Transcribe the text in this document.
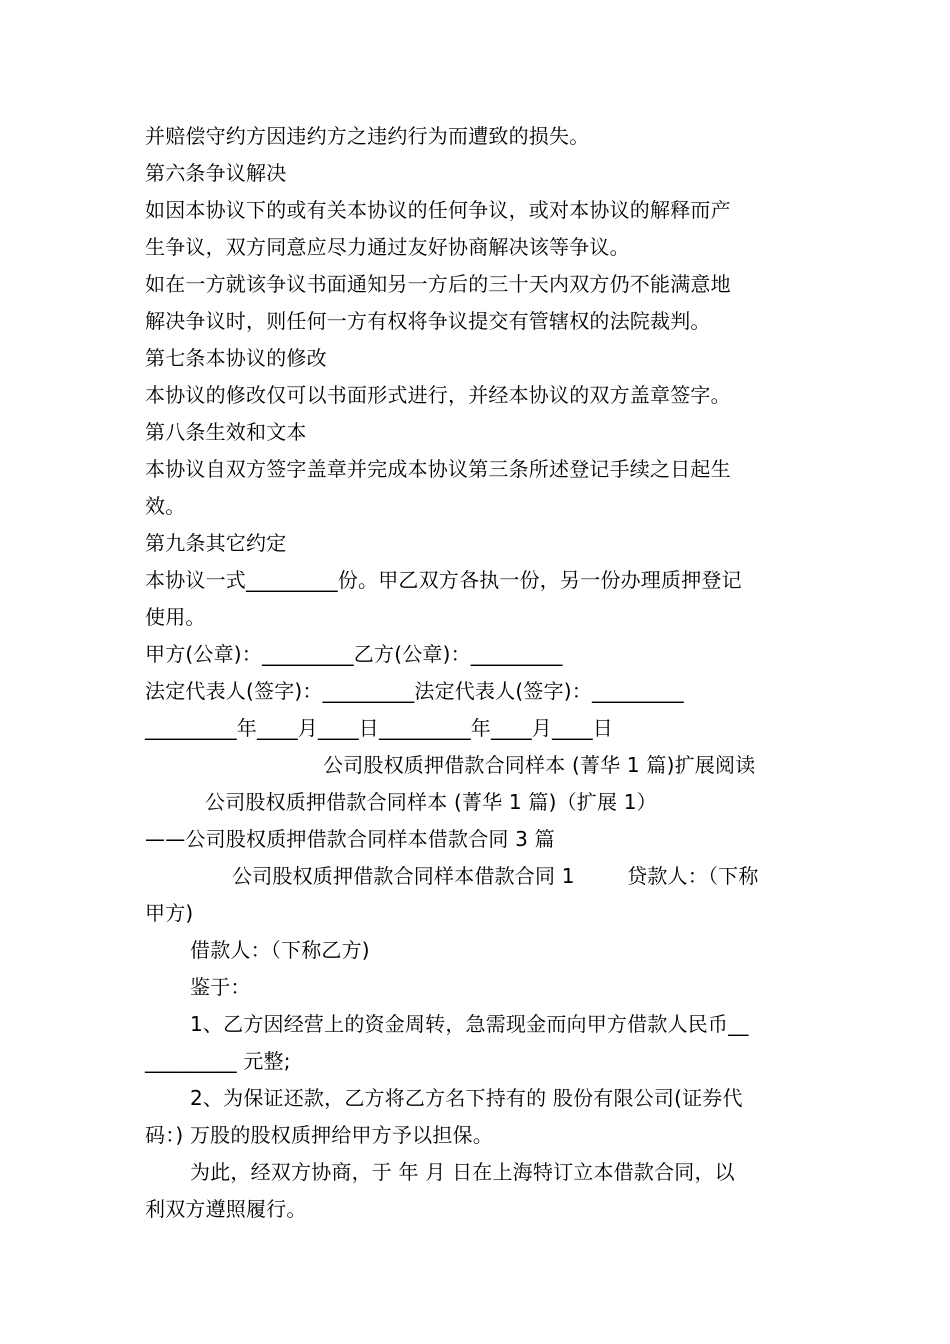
并赔偿守约方因违约方之违约行为而遭致的损失。
第六条争议解决
如因本协议下的或有关本协议的任何争议，或对本协议的解释而产
生争议，双方同意应尽力通过友好协商解决该等争议。
如在一方就该争议书面通知另一方后的三十天内双方仍不能满意地
解决争议时，则任何一方有权将争议提交有管辖权的法院裁判。
第七条本协议的修改
本协议的修改仅可以书面形式进行，并经本协议的双方盖章签字。
第八条生效和文本
本协议自双方签字盖章并完成本协议第三条所述登记手续之日起生
效。
第九条其它约定
本协议一式_________份。甲乙双方各执一份，另一份办理质押登记
使用。
甲方(公章)：_________乙方(公章)：_________
法定代表人(签字)：_________法定代表人(签字)：_________
_________年____月____日_________年____月____日
公司股权质押借款合同样本 (菁华 1 篇)扩展阅读
公司股权质押借款合同样本 (菁华 1 篇)（扩展 1）
——公司股权质押借款合同样本借款合同 3 篇
公司股权质押借款合同样本借款合同 1        贷款人：（下称
甲方)
借款人：（下称乙方)
鉴于：
1、乙方因经营上的资金周转，急需现金而向甲方借款人民币__
_________ 元整;
2、为保证还款，乙方将乙方名下持有的 股份有限公司(证券代
码：) 万股的股权质押给甲方予以担保。
为此，经双方协商，于 年 月 日在上海特订立本借款合同，以
利双方遵照履行。
